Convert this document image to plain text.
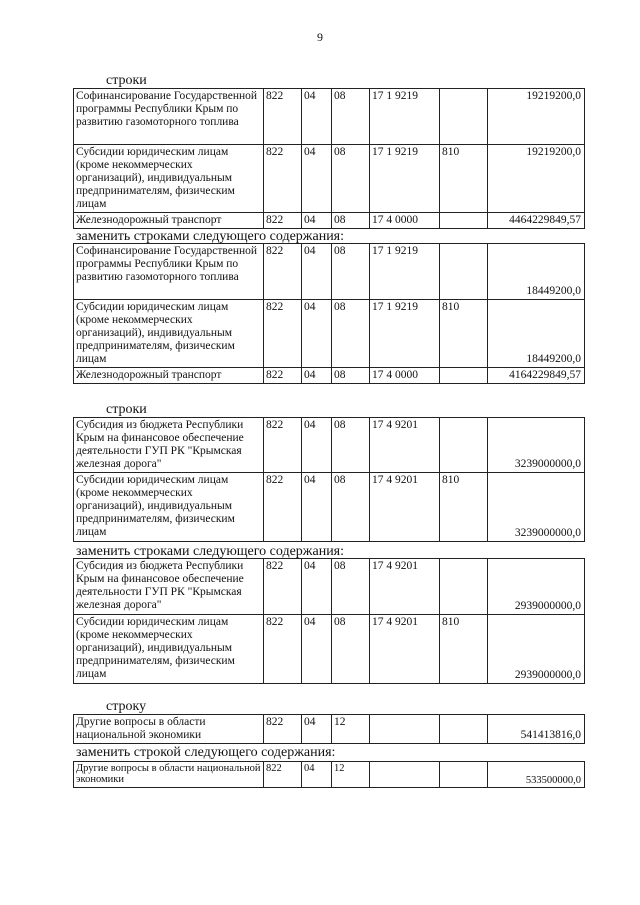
9
строки
Софинансирование Государственной программы Республики Крым по развитию газомоторного топлива	822	04	08	17 1 9219		19219200,0
Субсидии юридическим лицам (кроме некоммерческих организаций), индивидуальным предпринимателям, физическим лицам	822	04	08	17 1 9219	810	19219200,0
Железнодорожный транспорт	822	04	08	17 4 0000		4464229849,57
заменить строками следующего содержания:
Софинансирование Государственной программы Республики Крым по развитию газомоторного топлива	822	04	08	17 1 9219		18449200,0
Субсидии юридическим лицам (кроме некоммерческих организаций), индивидуальным предпринимателям, физическим лицам	822	04	08	17 1 9219	810	18449200,0
Железнодорожный транспорт	822	04	08	17 4 0000		4164229849,57
строки
Субсидия из бюджета Республики Крым на финансовое обеспечение деятельности ГУП РК "Крымская железная дорога"	822	04	08	17 4 9201		3239000000,0
Субсидии юридическим лицам (кроме некоммерческих организаций), индивидуальным предпринимателям, физическим лицам	822	04	08	17 4 9201	810	3239000000,0
заменить строками следующего содержания:
Субсидия из бюджета Республики Крым на финансовое обеспечение деятельности ГУП РК "Крымская железная дорога"	822	04	08	17 4 9201		2939000000,0
Субсидии юридическим лицам (кроме некоммерческих организаций), индивидуальным предпринимателям, физическим лицам	822	04	08	17 4 9201	810	2939000000,0
строку
Другие вопросы в области национальной экономики	822	04	12			541413816,0
заменить строкой следующего содержания:
Другие вопросы в области национальной экономики	822	04	12			533500000,0
